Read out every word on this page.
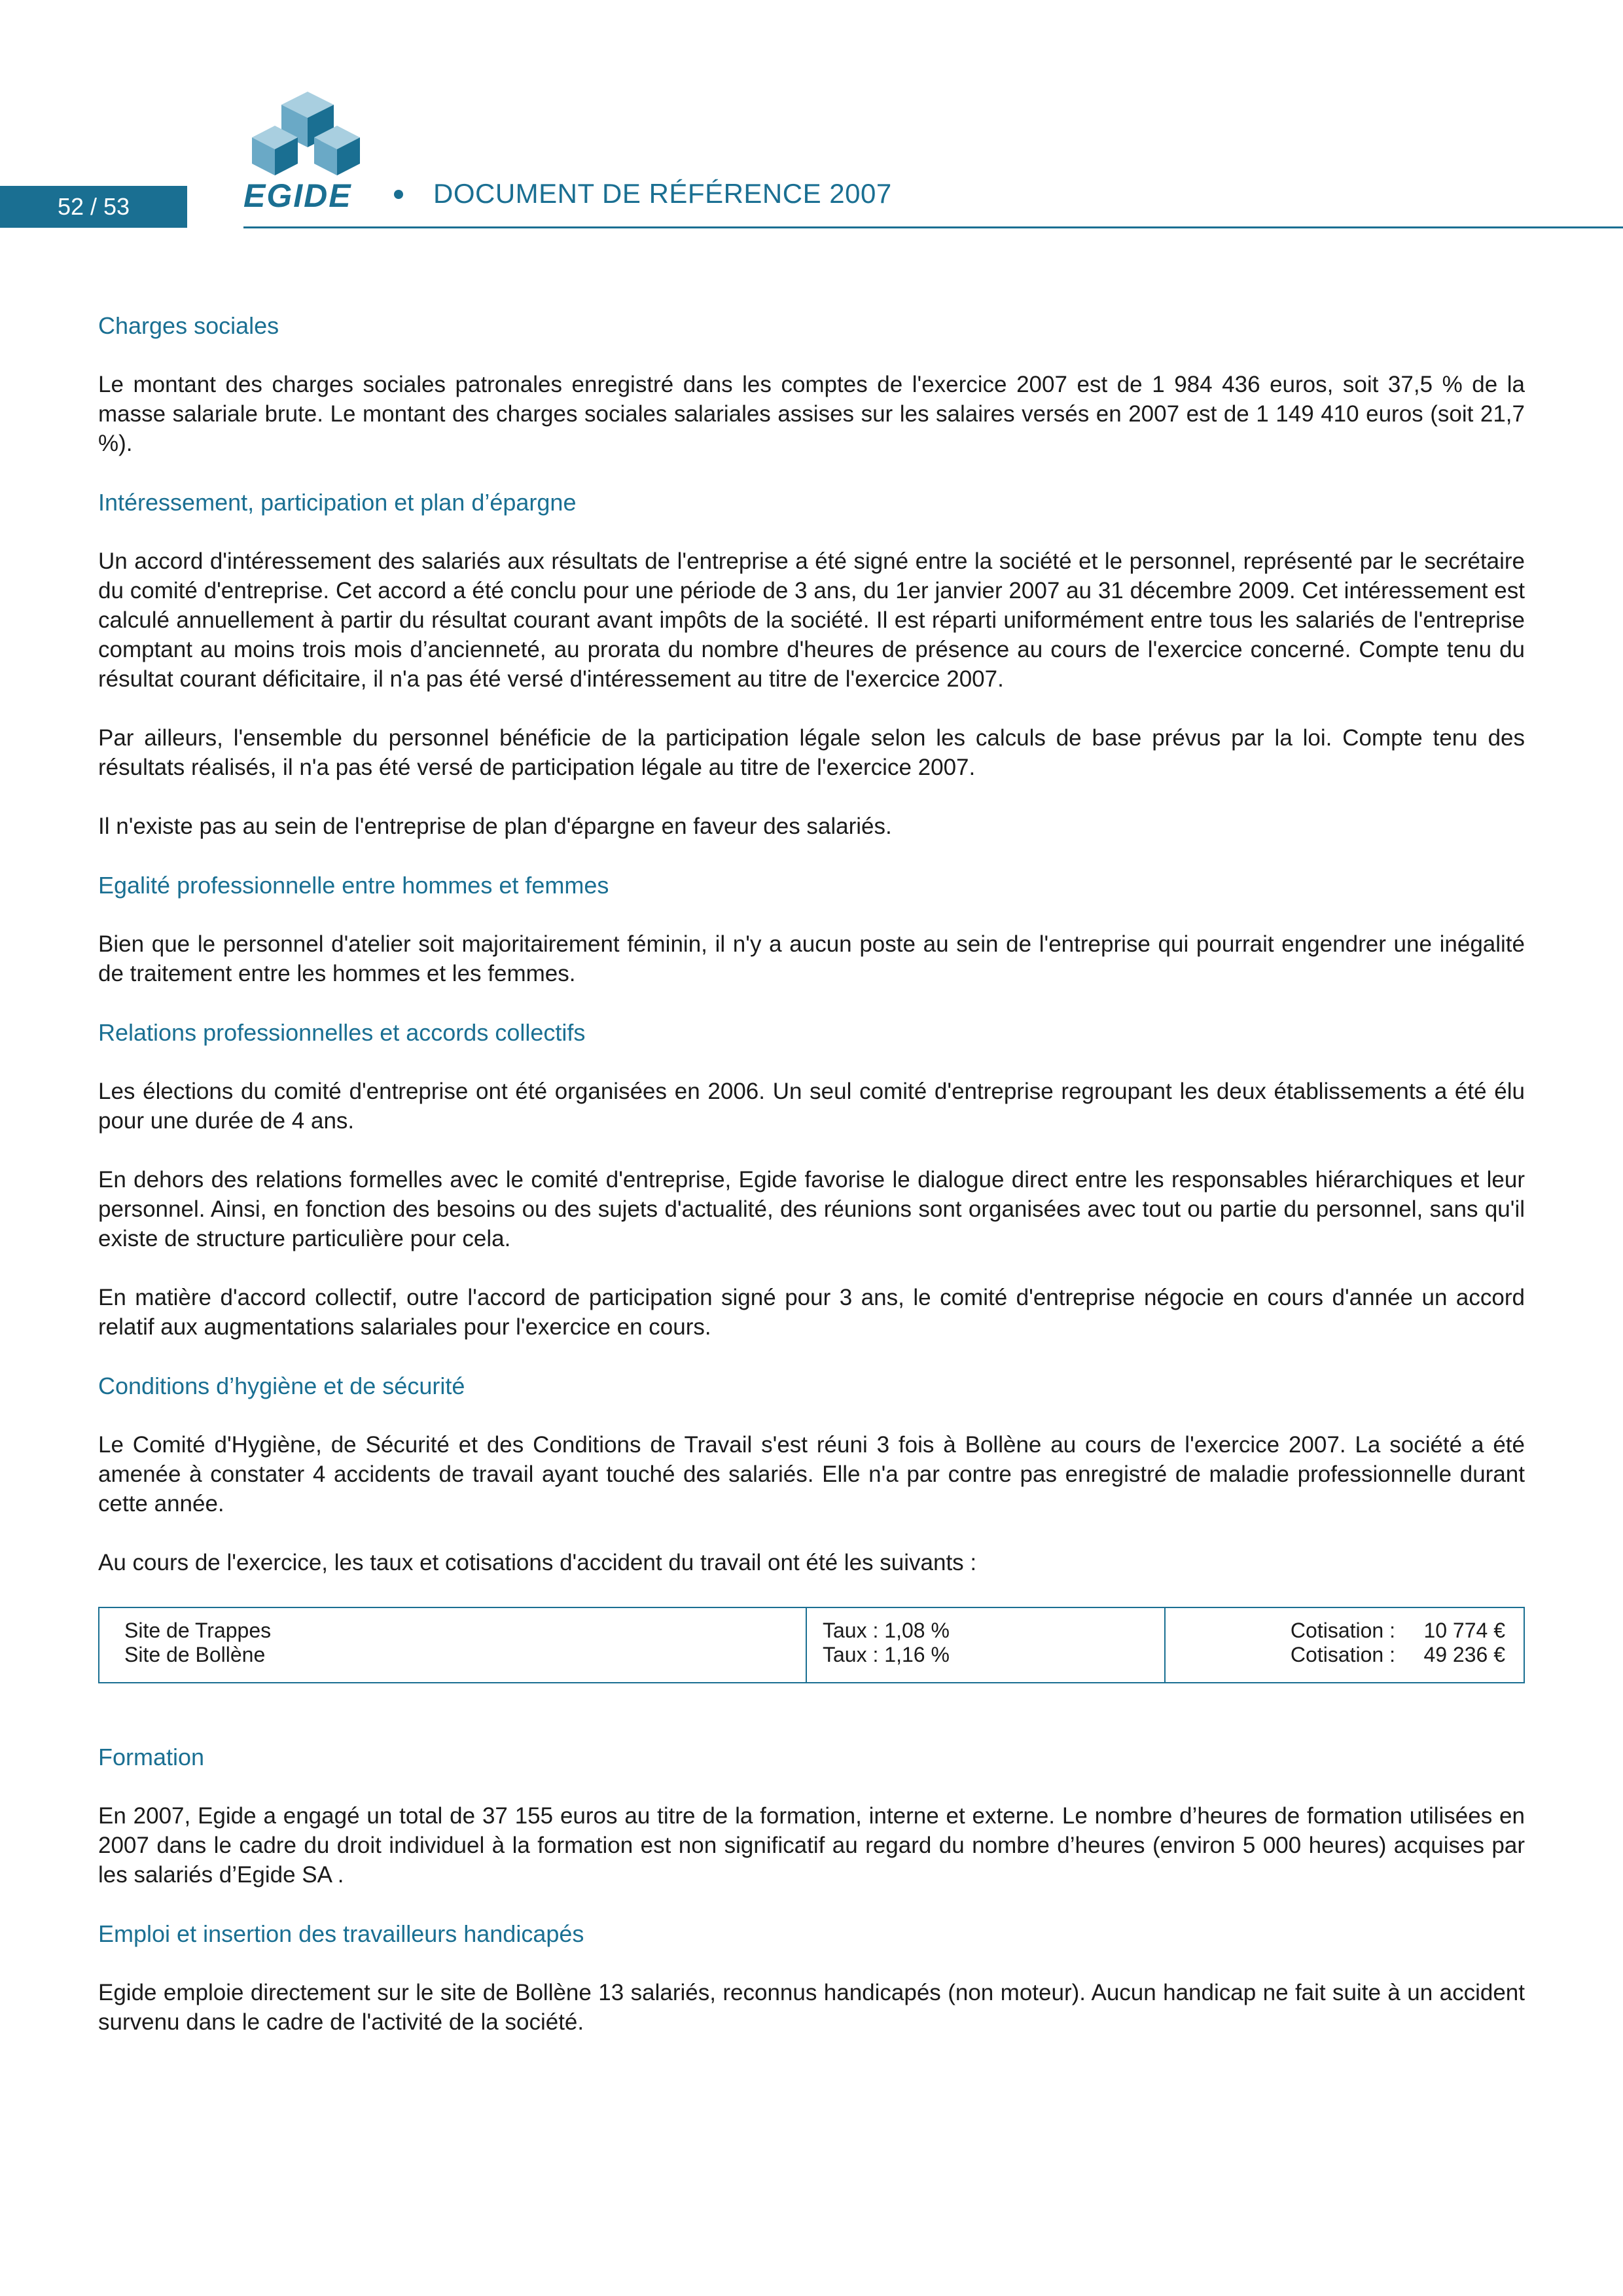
52 / 53	EGIDE	DOCUMENT DE RÉFÉRENCE 2007
Charges sociales

Le montant des charges sociales patronales enregistré dans les comptes de l'exercice 2007 est de 1 984 436 euros, soit 37,5 % de la masse salariale brute. Le montant des charges sociales salariales assises sur les salaires versés en 2007 est de 1 149 410 euros (soit 21,7 %).

Intéressement, participation et plan d’épargne

Un accord d'intéressement des salariés aux résultats de l'entreprise a été signé entre la société et le personnel, représenté par le secrétaire du comité d'entreprise. Cet accord a été conclu pour une période de 3 ans, du 1er janvier 2007 au 31 décembre 2009. Cet intéressement est calculé annuellement à partir du résultat courant avant impôts de la société. Il est réparti uniformément entre tous les salariés de l'entreprise comptant au moins trois mois d’ancienneté, au prorata du nombre d'heures de présence au cours de l'exercice concerné. Compte tenu du résultat courant déficitaire, il n'a pas été versé d'intéressement au titre de l'exercice 2007.

Par ailleurs, l'ensemble du personnel bénéficie de la participation légale selon les calculs de base prévus par la loi. Compte tenu des résultats réalisés, il n'a pas été versé de participation légale au titre de l'exercice 2007.

Il n'existe pas au sein de l'entreprise de plan d'épargne en faveur des salariés.

Egalité professionnelle entre hommes et femmes

Bien que le personnel d'atelier soit majoritairement féminin, il n'y a aucun poste au sein de l'entreprise qui pourrait engendrer une inégalité de traitement entre les hommes et les femmes.

Relations professionnelles et accords collectifs

Les élections du comité d'entreprise ont été organisées en 2006. Un seul comité d'entreprise regroupant les deux établissements a été élu pour une durée de 4 ans.

En dehors des relations formelles avec le comité d'entreprise, Egide favorise le dialogue direct entre les responsables hiérarchiques et leur personnel. Ainsi, en fonction des besoins ou des sujets d'actualité, des réunions sont organisées avec tout ou partie du personnel, sans qu'il existe de structure particulière pour cela.

En matière d'accord collectif, outre l'accord de participation signé pour 3 ans, le comité d'entreprise négocie en cours d'année un accord relatif aux augmentations salariales pour l'exercice en cours.

Conditions d’hygiène et de sécurité

Le Comité d'Hygiène, de Sécurité et des Conditions de Travail s'est réuni 3 fois à Bollène au cours de l'exercice 2007. La société a été amenée à constater 4 accidents de travail ayant touché des salariés. Elle n'a par contre pas enregistré de maladie professionnelle durant cette année.

Au cours de l'exercice, les taux et cotisations d'accident du travail ont été les suivants :

Site de Trappes
Site de Bollène
Taux : 1,08 %
Taux : 1,16 %
Cotisation : 10 774 €
Cotisation : 49 236 €
Formation

En 2007, Egide a engagé un total de 37 155 euros au titre de la formation, interne et externe. Le nombre d’heures de formation utilisées en 2007 dans le cadre du droit individuel à la formation est non significatif au regard du nombre d’heures (environ 5 000 heures) acquises par les salariés d’Egide SA .

Emploi et insertion des travailleurs handicapés

Egide emploie directement sur le site de Bollène 13 salariés, reconnus handicapés (non moteur). Aucun handicap ne fait suite à un accident survenu dans le cadre de l'activité de la société.
